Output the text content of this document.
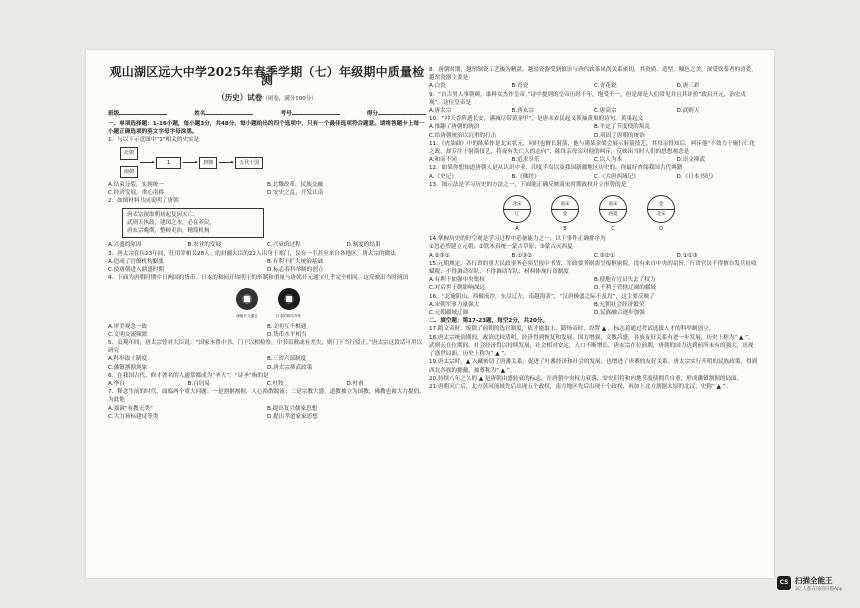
观山湖区远大中学2025年春季学期（七）年级期中质量检测
（历史）试卷（闭卷，满分100分）
班级	姓名	考号	得分

一、单项选择题：1-16小题，每小题3分，共48分，每小题给出的四个选项中，只有一个最佳选项符合题意。请将答题卡上每一小题正确选项的英文字母字母涂黑。

1．与以下示意图中“1”相关的史实是

北朝
南朝
1	唐朝	五代十国
A.结束分裂，实现统一	B.北魏改革，民族交融
C.经济发展，重心南移	D.安史之乱，开发江南

2．如图材料共同说明了唐朝

唐太宗视取朝初起复闵灭亡，
武则天执政，建国之本，必在养民，
唐玄宗晚期，整顿吏治，精简机构
A.兴盛的原因	B.农业的发展	C.兴衰的过程	D.制度的结果

3．唐太宗在位23年间，任用宰相共28人；的封疆大臣的22人出身于寒门，仅有一半甚至来自各地区。唐太宗的做法

A.造成了官僚机构膨胀	B.有利于扩大统治基础
C.使唐朝进入鼎盛时期	D.标志着科举制的创立

4．下面为唐朝时期中日两国的货币。日本的和同开珎明于的形制和重量与唐朝开元通宝几乎完全相同。这反映出当时两国

唐朝开元通宝	日本的和同开珎
A.审美观念一致	B.文明互不相通
C.文明交流频繁	D.货币水平相当

5．贞观年间，唐太宗曾对大臣说：“国家本置中书、门下以相检察，中书诏敕或有差失，则门下当行驳正。”唐太宗这段话可用以研究

A.科举取士制度	B.三省六部制度
C.藩镇割据现象	D.唐太宗抑武政策

6．在我国古代，修才著名的人通常都成为“圣人”。“诗圣”指的是

A.李白	B.白居易	C.杜牧	D.杜甫

7．释念生前的时代，面临两个重大问题：一是割据割据，人心涣散源流；二是宗教大盛，道教被立为国教，佛教也被大力提倡。为此他

A.强调“有教无类”	B.提出复兴儒家思想
C.大力扬标建诗等类	D.提出孝道家家思想

8．唐朝时期，越窑制瓷工艺极为精湛，越窑瓷器受到推崇与唐代饮茶风尚关系密切，其瓷质、造型、釉色之美，深受饮茶者的喜爱。越窑瓷器主要是

A.白瓷	B.青瓷	C.青花瓷	D.唐三彩

9．“自古男人事朝颜，谁料女杰作皇帝。”诗中提到的皇帝历经千年，饱受不一，但是却是人们常见并且其评价“政启开元，治宏贞观”。这位皇帝是

A.唐太宗	B.唐玄宗	C.唐高宗	D.武则天

10．“冲天香阵透长安，满城尽带黄金甲”，是唐末农民起义领袖黄巢的诗句。黄巢起义

A.推翻了唐朝的统治	B.平定了节度使的叛乱
C.给唐朝统治以沉重的打击	D.巩固了唐朝的统治

11．《虎油曲》中的陈希作是北宋状元，同时也擅长射箭，他与谨某金梁会展示射箭技艺，其母亲得知后，呵斥他“不效力于施行仁化之政，却专注于射箭技艺，将夜有失亡人的志向”，陈母亲母亲对他的呵斥，反映出当时人们的思想观念是

A.和而不同	B.追求享乐	C.以人为本	D.崇文抑武

12．如果你想知道唐朝人是从认识中亚、印度半岛以及我国新疆地区历史的，你最好查阅我国古代典籍

A.《史记》	B.《佛经》	C.《大唐西域记》	D.《日本书纪》

13．图示法是学习历史的方法之一，下面能正确反映南宋时期政权并立形势的是

北宋
辽
A
南宋
金
B
南宋
西夏
C
金
北宋
D

14.掌握历史的时空观是学习过程中必备能力之一，以下事件正确排序为

①忽必烈建立元朝；②铁木真统一蒙古草原；③蒙古灭西夏

A.②③①	B.①③②	C.③②①	D.①②③

15.元朝规定，各行省的重大民政事务必须呈报中书省，军政要务则需呈报枢密院，没有来自中央的诏旨，行省官员不得擅自发兵征收赋税、不得调动军队、不得调动军队、材料体现行省制度

A.有利于加强中央集权	B.使地方官员失去了权力
C.对后世王朝影响深远	D.不利于管辖辽阔的疆域

16．“北逾阴山，西极流沙，东尽辽左，南越海表”，“汉唐极盛之际不及焉”，这主要反映了

A.宋朝军事力量强大	B.元朝社会经济繁荣
C.元朝疆域辽阔	D.民族融合逐步加强

二、填空题：第17-23题，每空2分，共20分。

17.隋文帝时，废除了前朝的选官制度，依才能取士，隋炀帝时，设置 ▲ ，标志着通过考试选拔人才的科举制创立。

18.唐太宗统治期间，政治比较清明，经济得到恢复和发展，国力增强，文教昌盛，各族友好关系有进一步发展，历史上称为“ ▲ ”。武则天在位期间，社会经济得以持续发展，社会相对安定，人口不断增长。唐玄宗在位前期，唐朝的国力达到前所未有的强大，出现了盛世局面，历史上称为“ ▲ ”。

19.唐太宗时，▲ 入藏密切了唐蕃关系，促进了吐蕃经济和社会的发展，也增进了唐蕃的友好关系。唐太宗实行开明的民族政策，得到西北各族的拥戴，被尊称为“ ▲ ”。

20.持续八年之久的 ▲ 是唐朝由盛转衰的标志，在唐朝中央权力衰落，安史旧将和内地节度使拥兵自重，形成藩镇割据的局面。

21.唐朝灭亡后，北方黄河流域先后出现五个政权，南方地区先后出现十个政权，再加上北方割据太原的北汉，史称“ ▲ ”。

CS 扫描全能王
3亿人都在用的扫描App
